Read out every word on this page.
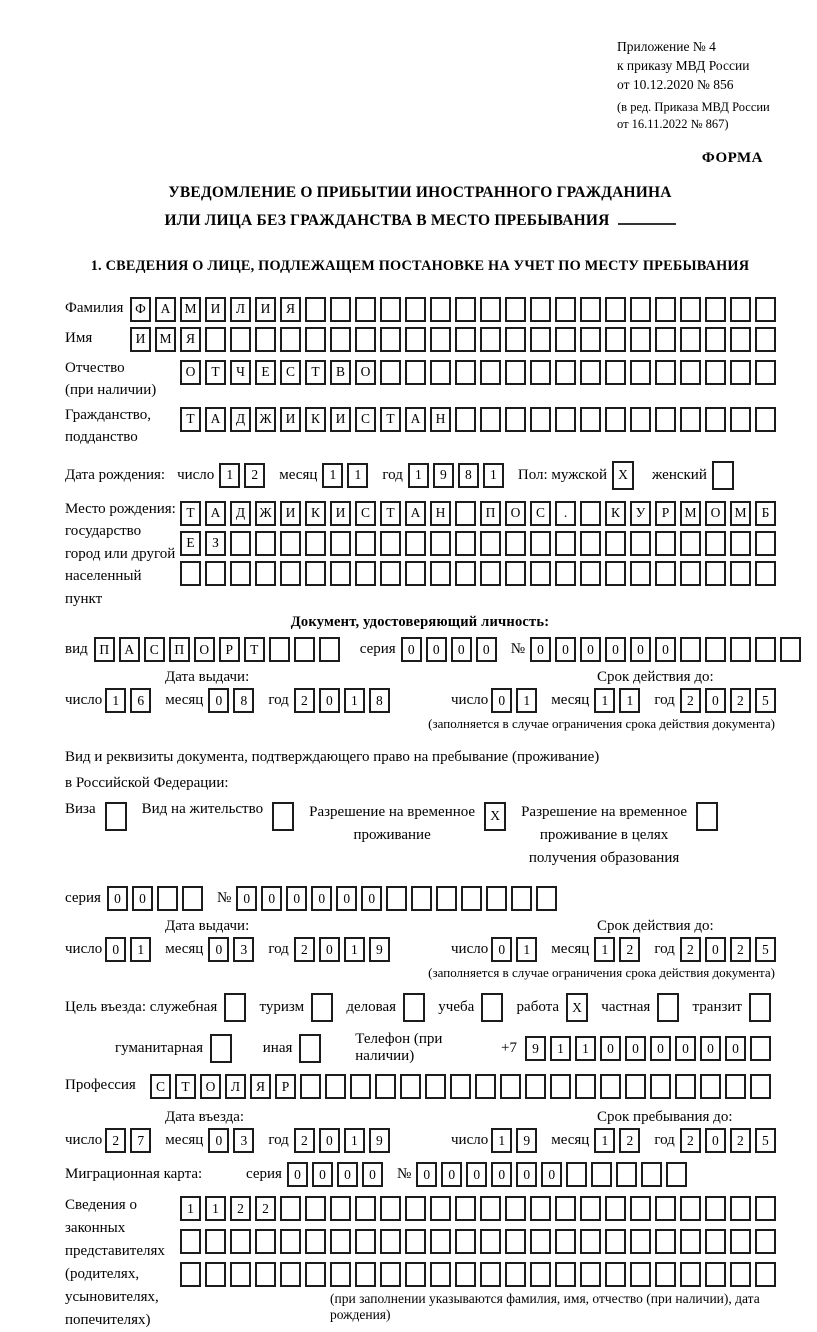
Приложение № 4
к приказу МВД России
от 10.12.2020 № 856
(в ред. Приказа МВД России
от 16.11.2022 № 867)
ФОРМА
УВЕДОМЛЕНИЕ О ПРИБЫТИИ ИНОСТРАННОГО ГРАЖДАНИНА
ИЛИ ЛИЦА БЕЗ ГРАЖДАНСТВА В МЕСТО ПРЕБЫВАНИЯ
1. СВЕДЕНИЯ О ЛИЦЕ, ПОДЛЕЖАЩЕМ ПОСТАНОВКЕ НА УЧЕТ ПО МЕСТУ ПРЕБЫВАНИЯ
Фамилия Ф	А	М	И	Л	И	Я
Имя	И	М	Я
Отчество
(при наличии)
О	Т	Ч	Е	С	Т	В	О
Гражданство,
подданство
Т	А	Д	Ж	И	К	И	С	Т	А	Н
Дата рождения: число 1	2	месяц 1	1	год 1	9	8	1	Пол: мужской X	женский
Место рождения:
государство
город или другой
населенный пункт
Т	А	Д	Ж	И	К	И	С	Т	А	Н	П	О	С	.	К	У	Р	М	О	М	Б
Е	З
Документ, удостоверяющий личность:
вид П	А	С	П	О	Р	Т	серия 0	0	0	0	№ 0	0	0	0	0	0
Дата выдачи:	Срок действия до:
число 1	6	месяц 0	8	год 2	0	1	8	число 0	1	месяц 1	1	год 2	0	2	5
(заполняется в случае ограничения срока действия документа)
Вид и реквизиты документа, подтверждающего право на пребывание (проживание)
в Российской Федерации:
Виза	Вид на жительство	Разрешение на временное
проживание
X	Разрешение на временное
проживание в целях
получения образования
серия 0	0	№ 0	0	0	0	0	0
Дата выдачи:	Срок действия до:
число 0	1	месяц 0	3	год 2	0	1	9	число 0	1	месяц 1	2	год 2	0	2	5
(заполняется в случае ограничения срока действия документа)
Цель въезда: служебная	туризм	деловая	учеба	работа X	частная	транзит
гуманитарная	иная
Телефон (при наличии)
+7	9	1	1	0	0	0	0	0	0
Профессия	С	Т	О	Л	Я	Р
Дата въезда:	Срок пребывания до:
число 2	7	месяц 0	3	год 2	0	1	9	число 1	9	месяц 1	2	год 2	0	2	5
Миграционная карта:	серия 0	0	0	0	№ 0	0	0	0	0	0
Сведения о
законных
представителях
(родителях,
усыновителях,
попечителях)
1	1	2	2
(при заполнении указываются фамилия, имя, отчество (при наличии), дата рождения)
